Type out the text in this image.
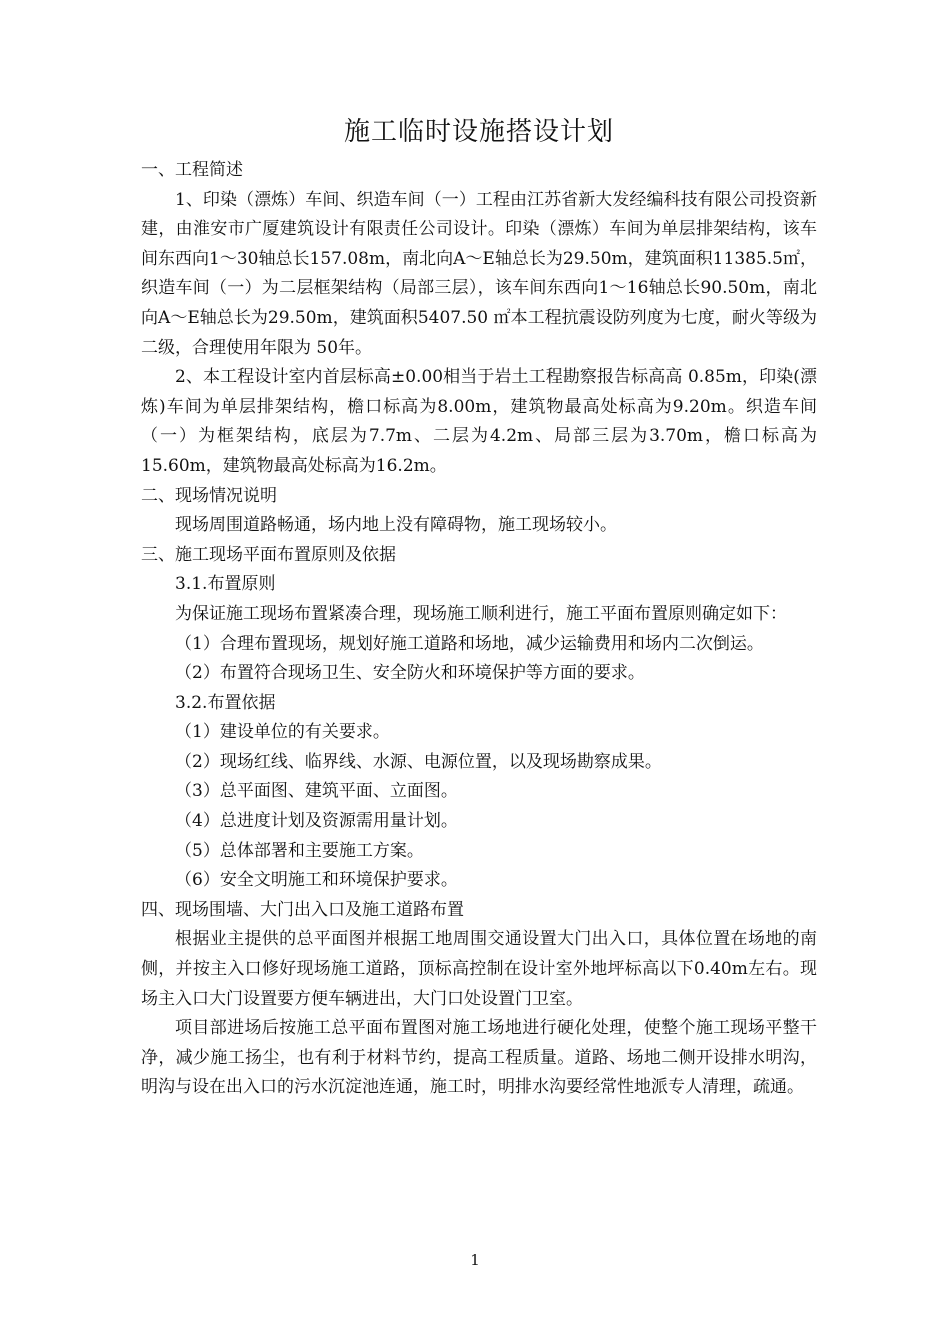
施工临时设施搭设计划

一、工程简述

1、印染（漂炼）车间、织造车间（一）工程由江苏省新大发经编科技有限公司投资新建，由淮安市广厦建筑设计有限责任公司设计。印染（漂炼）车间为单层排架结构，该车间东西向1～30轴总长157.08m，南北向A～E轴总长为29.50m，建筑面积11385.5㎡，织造车间（一）为二层框架结构（局部三层），该车间东西向1～16轴总长90.50m，南北向A～E轴总长为29.50m，建筑面积5407.50 ㎡本工程抗震设防列度为七度，耐火等级为二级，合理使用年限为 50年。

2、本工程设计室内首层标高±0.00相当于岩土工程勘察报告标高高 0.85m，印染(漂炼)车间为单层排架结构，檐口标高为8.00m，建筑物最高处标高为9.20m。织造车间（一）为框架结构，底层为7.7m、二层为4.2m、局部三层为3.70m，檐口标高为15.60m，建筑物最高处标高为16.2m。

二、现场情况说明

现场周围道路畅通，场内地上没有障碍物，施工现场较小。

三、施工现场平面布置原则及依据

3.1.布置原则

为保证施工现场布置紧凑合理，现场施工顺利进行，施工平面布置原则确定如下：

（1）合理布置现场，规划好施工道路和场地，减少运输费用和场内二次倒运。

（2）布置符合现场卫生、安全防火和环境保护等方面的要求。

3.2.布置依据

（1）建设单位的有关要求。

（2）现场红线、临界线、水源、电源位置，以及现场勘察成果。

（3）总平面图、建筑平面、立面图。

（4）总进度计划及资源需用量计划。

（5）总体部署和主要施工方案。

（6）安全文明施工和环境保护要求。

四、现场围墙、大门出入口及施工道路布置

根据业主提供的总平面图并根据工地周围交通设置大门出入口，具体位置在场地的南侧，并按主入口修好现场施工道路，顶标高控制在设计室外地坪标高以下0.40m左右。现场主入口大门设置要方便车辆进出，大门口处设置门卫室。

项目部进场后按施工总平面布置图对施工场地进行硬化处理，使整个施工现场平整干净，减少施工扬尘，也有利于材料节约，提高工程质量。道路、场地二侧开设排水明沟，明沟与设在出入口的污水沉淀池连通，施工时，明排水沟要经常性地派专人清理，疏通。

1
